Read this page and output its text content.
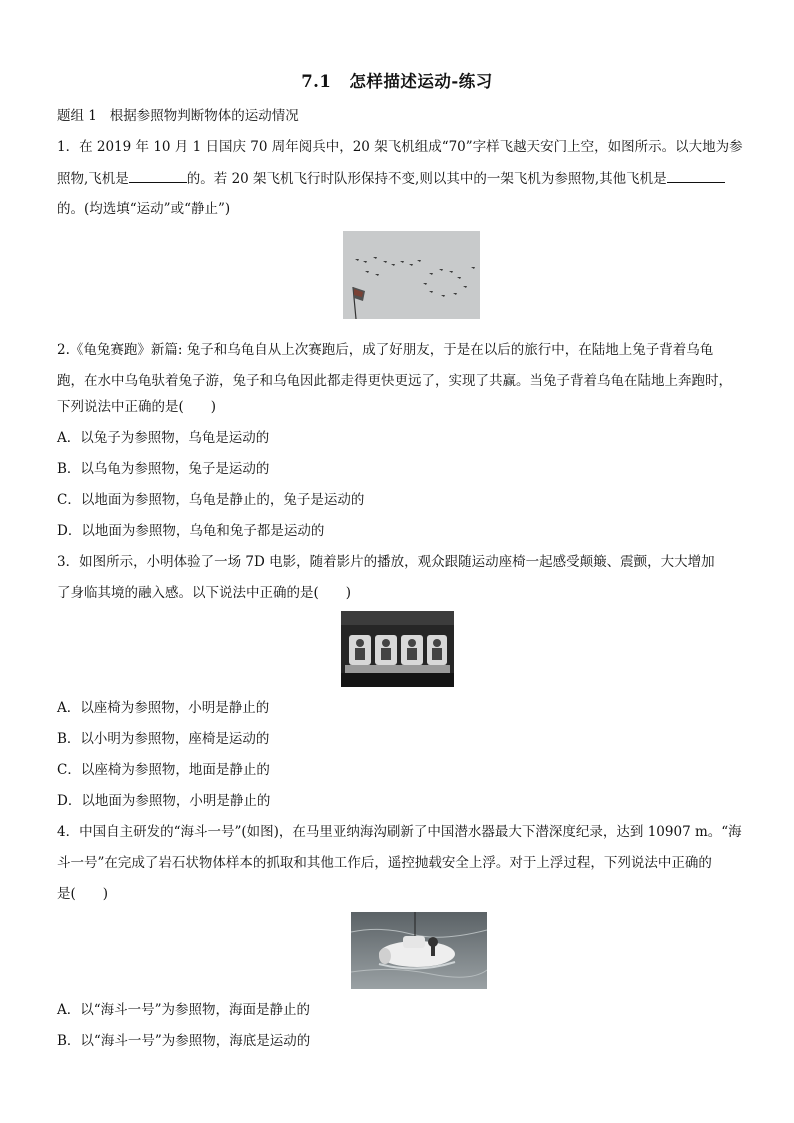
7.1 怎样描述运动-练习
题组 1 根据参照物判断物体的运动情况
1．在 2019 年 10 月 1 日国庆 70 周年阅兵中，20 架飞机组成“70”字样飞越天安门上空，如图所示。以大地为参
照物,飞机是	的。若 20 架飞机飞行时队形保持不变,则以其中的一架飞机为参照物,其他飞机是
的。(均选填“运动”或“静止”)
2.《龟兔赛跑》新篇: 兔子和乌龟自从上次赛跑后，成了好朋友，于是在以后的旅行中，在陆地上兔子背着乌龟
跑，在水中乌龟驮着兔子游，兔子和乌龟因此都走得更快更远了，实现了共赢。当兔子背着乌龟在陆地上奔跑时，
下列说法中正确的是(　　)
A．以兔子为参照物，乌龟是运动的
B．以乌龟为参照物，兔子是运动的
C．以地面为参照物，乌龟是静止的，兔子是运动的
D．以地面为参照物，乌龟和兔子都是运动的
3．如图所示，小明体验了一场 7D 电影，随着影片的播放，观众跟随运动座椅一起感受颠簸、震颤，大大增加
了身临其境的融入感。以下说法中正确的是(　　)
A．以座椅为参照物，小明是静止的
B．以小明为参照物，座椅是运动的
C．以座椅为参照物，地面是静止的
D．以地面为参照物，小明是静止的
4．中国自主研发的“海斗一号”(如图)，在马里亚纳海沟刷新了中国潜水器最大下潜深度纪录，达到 10907 m。“海
斗一号”在完成了岩石状物体样本的抓取和其他工作后，遥控抛载安全上浮。对于上浮过程，下列说法中正确的
是(　　)
A．以“海斗一号”为参照物，海面是静止的
B．以“海斗一号”为参照物，海底是运动的
